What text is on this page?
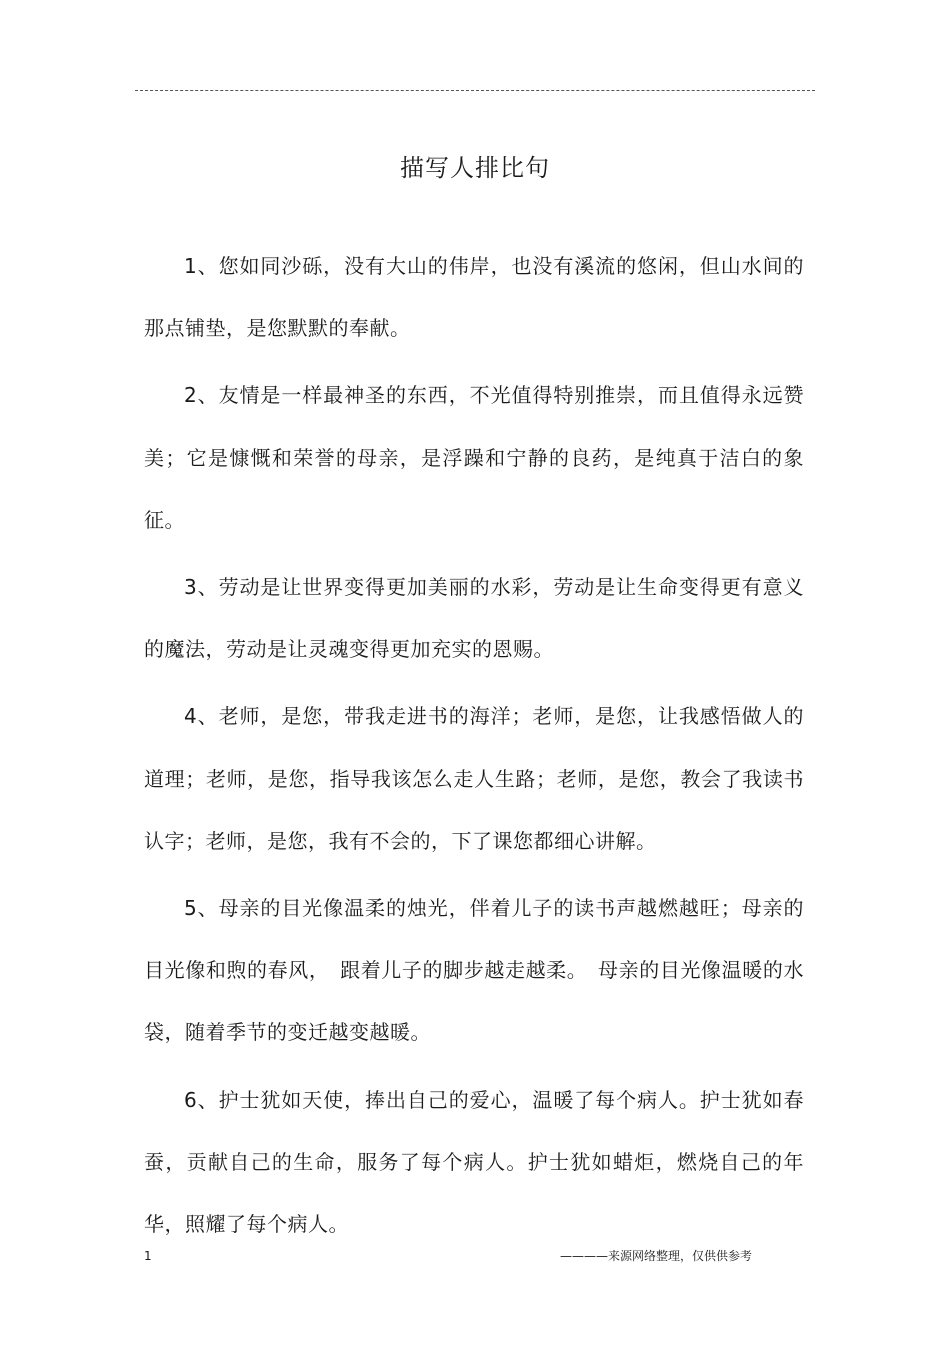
描写人排比句

1、您如同沙砾，没有大山的伟岸，也没有溪流的悠闲，但山水间的那点铺垫，是您默默的奉献。

2、友情是一样最神圣的东西，不光值得特别推崇，而且值得永远赞美；它是慷慨和荣誉的母亲，是浮躁和宁静的良药，是纯真于洁白的象征。

3、劳动是让世界变得更加美丽的水彩，劳动是让生命变得更有意义的魔法，劳动是让灵魂变得更加充实的恩赐。

4、老师，是您，带我走进书的海洋；老师，是您，让我感悟做人的道理；老师，是您，指导我该怎么走人生路；老师，是您，教会了我读书认字；老师，是您，我有不会的，下了课您都细心讲解。

5、母亲的目光像温柔的烛光，伴着儿子的读书声越燃越旺；母亲的目光像和煦的春风，　跟着儿子的脚步越走越柔。　母亲的目光像温暖的水袋，随着季节的变迁越变越暖。

6、护士犹如天使，捧出自己的爱心，温暖了每个病人。护士犹如春蚕，贡献自己的生命，服务了每个病人。护士犹如蜡炬，燃烧自己的年华，照耀了每个病人。

1	————来源网络整理，仅供供参考
